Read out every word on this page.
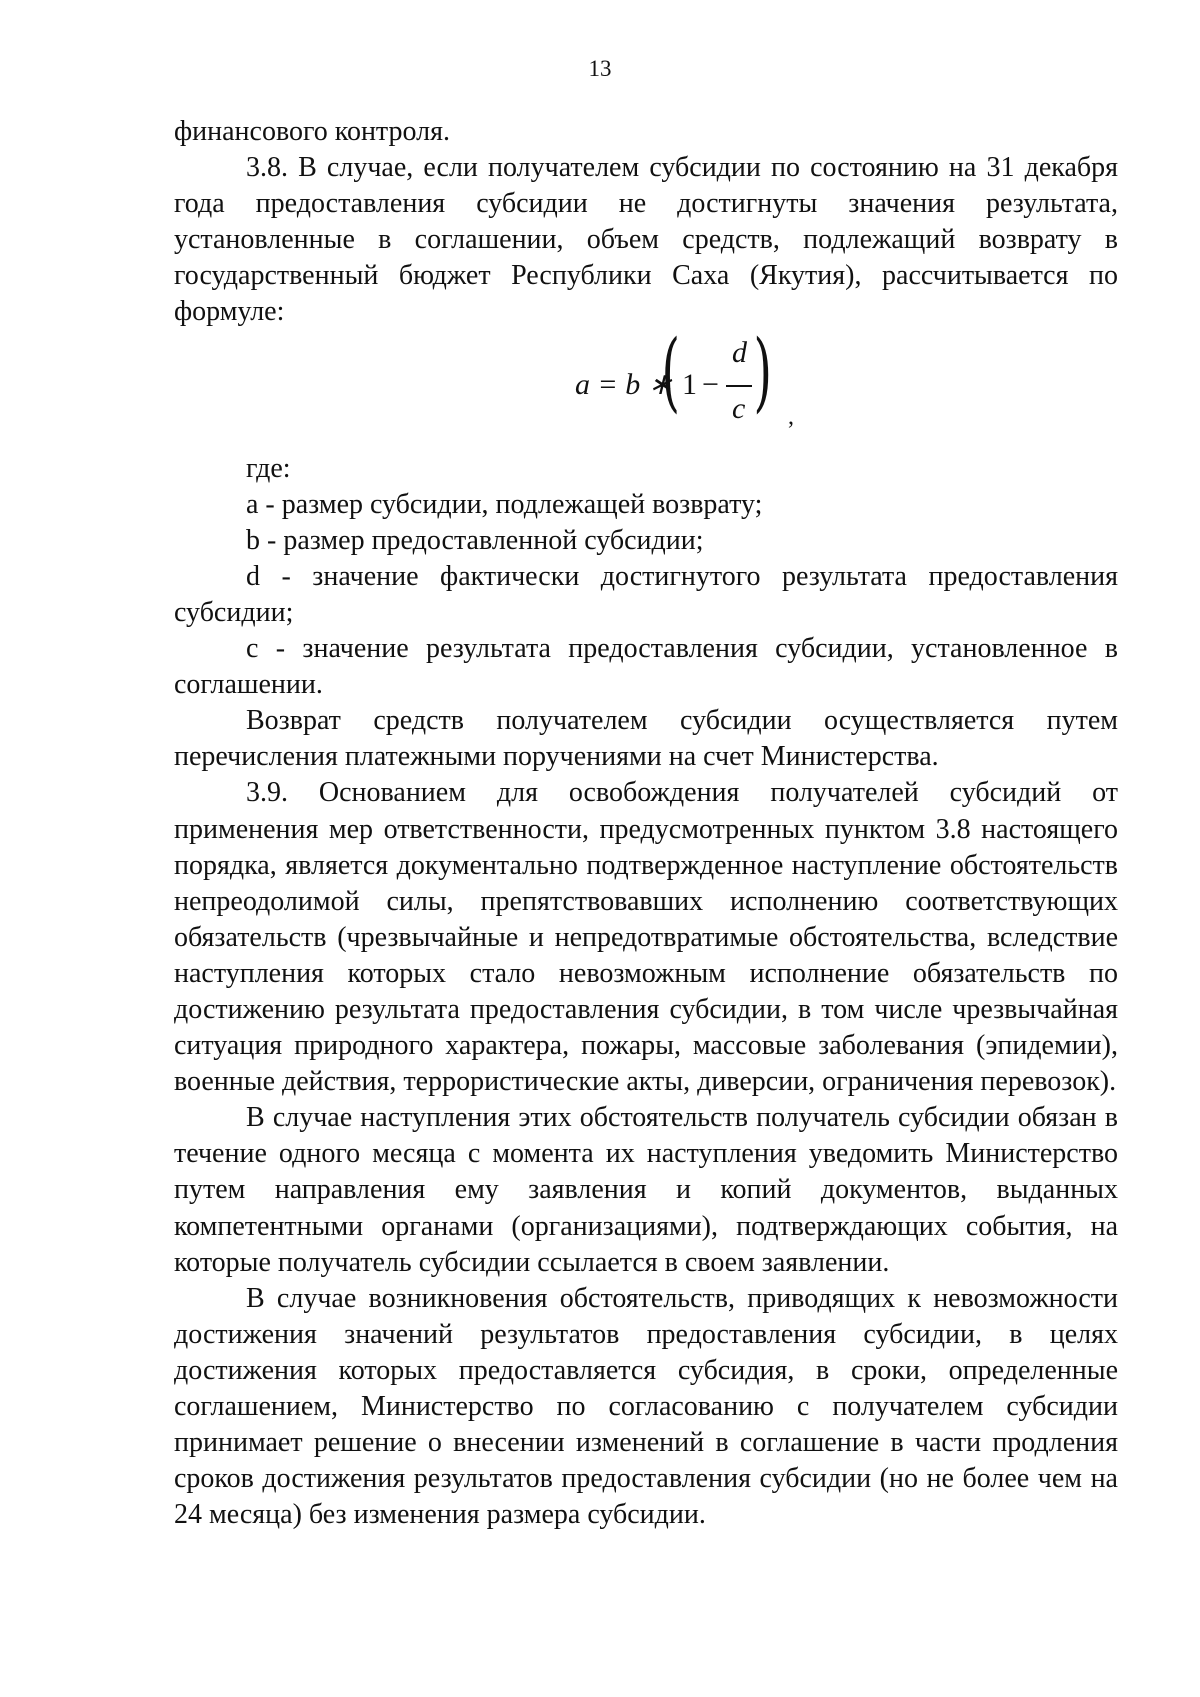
13

финансового контроля.

3.8. В случае, если получателем субсидии по состоянию на 31 декабря года предоставления субсидии не достигнуты значения результата, установленные в соглашении, объем средств, подлежащий возврату в государственный бюджет Республики Саха (Якутия), рассчитывается по формуле:

a = b ∗
( 1 −
d
c ) ,

где:

a - размер субсидии, подлежащей возврату;

b - размер предоставленной субсидии;

d - значение фактически достигнутого результата предоставления субсидии;

c - значение результата предоставления субсидии, установленное в соглашении.

Возврат средств получателем субсидии осуществляется путем перечисления платежными поручениями на счет Министерства.

3.9. Основанием для освобождения получателей субсидий от применения мер ответственности, предусмотренных пунктом 3.8 настоящего порядка, является документально подтвержденное наступление обстоятельств непреодолимой силы, препятствовавших исполнению соответствующих обязательств (чрезвычайные и непредотвратимые обстоятельства, вследствие наступления которых стало невозможным исполнение обязательств по достижению результата предоставления субсидии, в том числе чрезвычайная ситуация природного характера, пожары, массовые заболевания (эпидемии), военные действия, террористические акты, диверсии, ограничения перевозок).

В случае наступления этих обстоятельств получатель субсидии обязан в течение одного месяца с момента их наступления уведомить Министерство путем направления ему заявления и копий документов, выданных компетентными органами (организациями), подтверждающих события, на которые получатель субсидии ссылается в своем заявлении.

В случае возникновения обстоятельств, приводящих к невозможности достижения значений результатов предоставления субсидии, в целях достижения которых предоставляется субсидия, в сроки, определенные соглашением, Министерство по согласованию с получателем субсидии принимает решение о внесении изменений в соглашение в части продления сроков достижения результатов предоставления субсидии (но не более чем на 24 месяца) без изменения размера субсидии.
